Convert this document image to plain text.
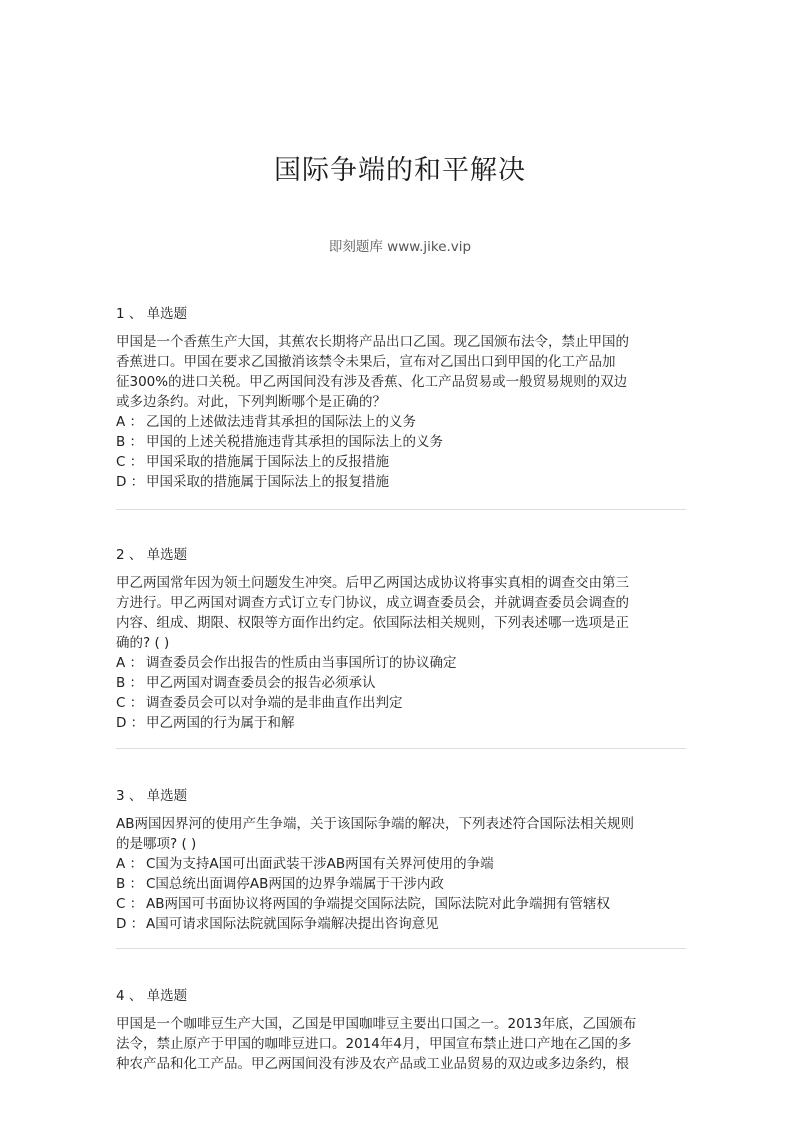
国际争端的和平解决
即刻题库 www.jike.vip
1 、 单选题
甲国是一个香蕉生产大国，其蕉农长期将产品出口乙国。现乙国颁布法令，禁止甲国的
香蕉进口。甲国在要求乙国撤消该禁令未果后，宣布对乙国出口到甲国的化工产品加
征300%的进口关税。甲乙两国间没有涉及香蕉、化工产品贸易或一般贸易规则的双边
或多边条约。对此，下列判断哪个是正确的？
A ： 乙国的上述做法违背其承担的国际法上的义务
B ： 甲国的上述关税措施违背其承担的国际法上的义务
C ： 甲国采取的措施属于国际法上的反报措施
D ： 甲国采取的措施属于国际法上的报复措施
2 、 单选题
甲乙两国常年因为领土问题发生冲突。后甲乙两国达成协议将事实真相的调查交由第三
方进行。甲乙两国对调查方式订立专门协议，成立调查委员会，并就调查委员会调查的
内容、组成、期限、权限等方面作出约定。依国际法相关规则，下列表述哪一选项是正
确的? ( )
A ： 调查委员会作出报告的性质由当事国所订的协议确定
B ： 甲乙两国对调查委员会的报告必须承认
C ： 调查委员会可以对争端的是非曲直作出判定
D ： 甲乙两国的行为属于和解
3 、 单选题
AB两国因界河的使用产生争端，关于该国际争端的解决，下列表述符合国际法相关规则
的是哪项? ( )
A ： C国为支持A国可出面武装干涉AB两国有关界河使用的争端
B ： C国总统出面调停AB两国的边界争端属于干涉内政
C ： AB两国可书面协议将两国的争端提交国际法院，国际法院对此争端拥有管辖权
D ： A国可请求国际法院就国际争端解决提出咨询意见
4 、 单选题
甲国是一个咖啡豆生产大国，乙国是甲国咖啡豆主要出口国之一。2013年底，乙国颁布
法令，禁止原产于甲国的咖啡豆进口。2014年4月，甲国宣布禁止进口产地在乙国的多
种农产品和化工产品。甲乙两国间没有涉及农产品或工业品贸易的双边或多边条约，根
